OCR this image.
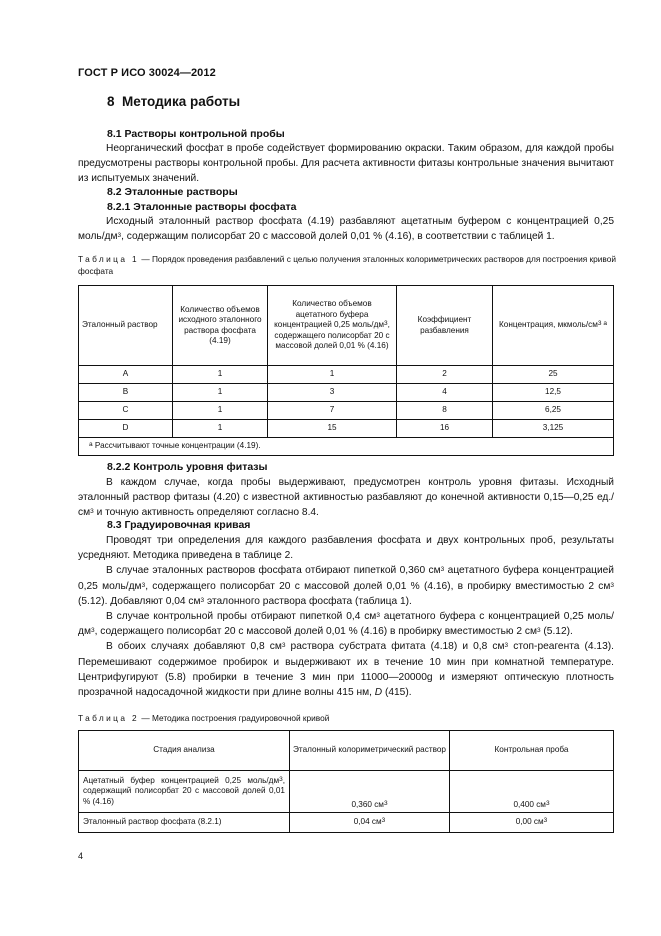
ГОСТ Р ИСО 30024—2012
8 Методика работы
8.1 Растворы контрольной пробы

Неорганический фосфат в пробе содействует формированию окраски. Таким образом, для каждой пробы предусмотрены растворы контрольной пробы. Для расчета активности фитазы контрольные значения вычитают из испытуемых значений.

8.2 Эталонные растворы
8.2.1 Эталонные растворы фосфата

Исходный эталонный раствор фосфата (4.19) разбавляют ацетатным буфером с концентрацией 0,25 моль/$дм^3$, содержащим полисорбат 20 с массовой долей 0,01 % (4.16), в соответствии с таблицей 1.

Таблица 1 — Порядок проведения разбавлений с целью получения эталонных колориметрических растворов для построения кривой фосфата
Эталонный раствор	Количество объемов исходного эталонного раствора фосфата (4.19)	Количество объемов ацетатного буфера концентрацией 0,25 моль/$дм^3$, содержащего полисорбат 20 с массовой долей 0,01 % (4.16)	Коэффициент разбавления	Концентрация, мкмоль/$см^{3 a}$
A	1	1	2	25
B	1	3	4	12,5
C	1	7	8	6,25
D	1	15	16	3,125
$^a$ Рассчитывают точные концентрации (4.19).				
8.2.2 Контроль уровня фитазы

В каждом случае, когда пробы выдерживают, предусмотрен контроль уровня фитазы. Исходный эталонный раствор фитазы (4.20) с известной активностью разбавляют до конечной активности 0,15—0,25 $ед./см^3$ и точную активность определяют согласно 8.4.

8.3 Градуировочная кривая

Проводят три определения для каждого разбавления фосфата и двух контрольных проб, результаты усредняют. Методика приведена в таблице 2.

В случае эталонных растворов фосфата отбирают пипеткой 0,360 $см^3$ ацетатного буфера концентрацией 0,25 моль/$дм^3$, содержащего полисорбат 20 с массовой долей 0,01 % (4.16), в пробирку вместимостью 2 $см^3$ (5.12). Добавляют 0,04 $см^3$ эталонного раствора фосфата (таблица 1).

В случае контрольной пробы отбирают пипеткой 0,4 $см^3$ ацетатного буфера с концентрацией 0,25 моль/$дм^3$, содержащего полисорбат 20 с массовой долей 0,01 % (4.16) в пробирку вместимостью 2 $см^3$ (5.12).

В обоих случаях добавляют 0,8 $см^3$ раствора субстрата фитата (4.18) и 0,8 $см^3$ стоп-реагента (4.13). Перемешивают содержимое пробирок и выдерживают их в течение 10 мин при комнатной температуре. Центрифугируют (5.8) пробирки в течение 3 мин при 11000—20000g и измеряют оптическую плотность прозрачной надосадочной жидкости при длине волны 415 нм, D (415).

Таблица 2 — Методика построения градуировочной кривой
Стадия анализа	Эталонный колориметрический раствор	Контрольная проба
Ацетатный буфер концентрацией 0,25 моль/$дм^3$, содержащий полисорбат 20 с массовой долей 0,01 % (4.16)	0,360 $см^3$	0,400 $см^3$
Эталонный раствор фосфата (8.2.1)	0,04 $см^3$	0,00 $см^3$
4
